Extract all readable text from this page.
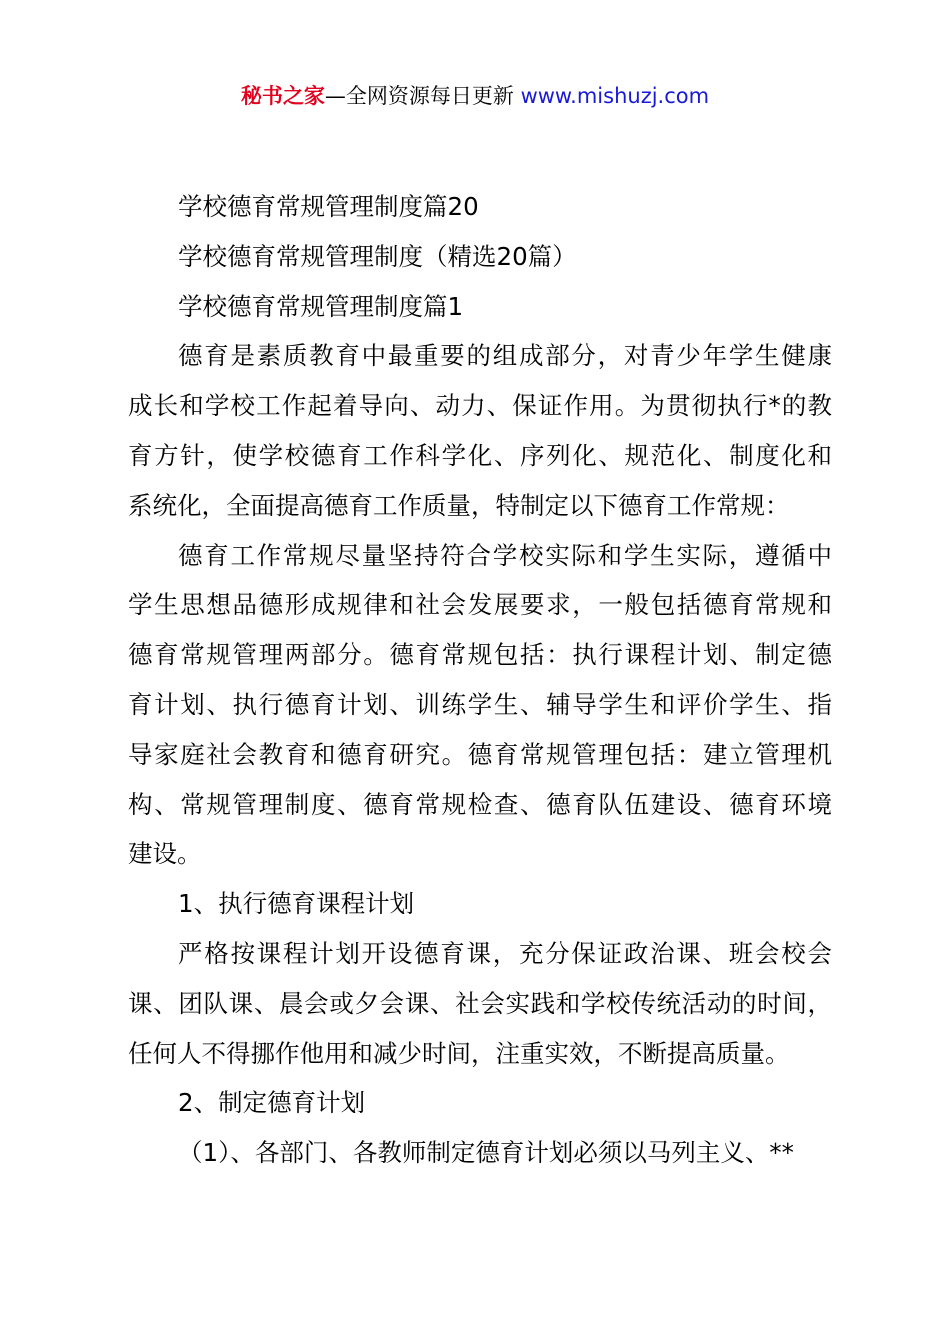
秘书之家—全网资源每日更新 www.mishuzj.com
学校德育常规管理制度篇20
学校德育常规管理制度（精选20篇）
学校德育常规管理制度篇1
德育是素质教育中最重要的组成部分，对青少年学生健康
成长和学校工作起着导向、动力、保证作用。为贯彻执行*的教
育方针，使学校德育工作科学化、序列化、规范化、制度化和
系统化，全面提高德育工作质量，特制定以下德育工作常规：
德育工作常规尽量坚持符合学校实际和学生实际，遵循中
学生思想品德形成规律和社会发展要求，一般包括德育常规和
德育常规管理两部分。德育常规包括：执行课程计划、制定德
育计划、执行德育计划、训练学生、辅导学生和评价学生、指
导家庭社会教育和德育研究。德育常规管理包括：建立管理机
构、常规管理制度、德育常规检查、德育队伍建设、德育环境
建设。
1、执行德育课程计划
严格按课程计划开设德育课，充分保证政治课、班会校会
课、团队课、晨会或夕会课、社会实践和学校传统活动的时间，
任何人不得挪作他用和减少时间，注重实效，不断提高质量。
2、制定德育计划
（1）、各部门、各教师制定德育计划必须以马列主义、**
